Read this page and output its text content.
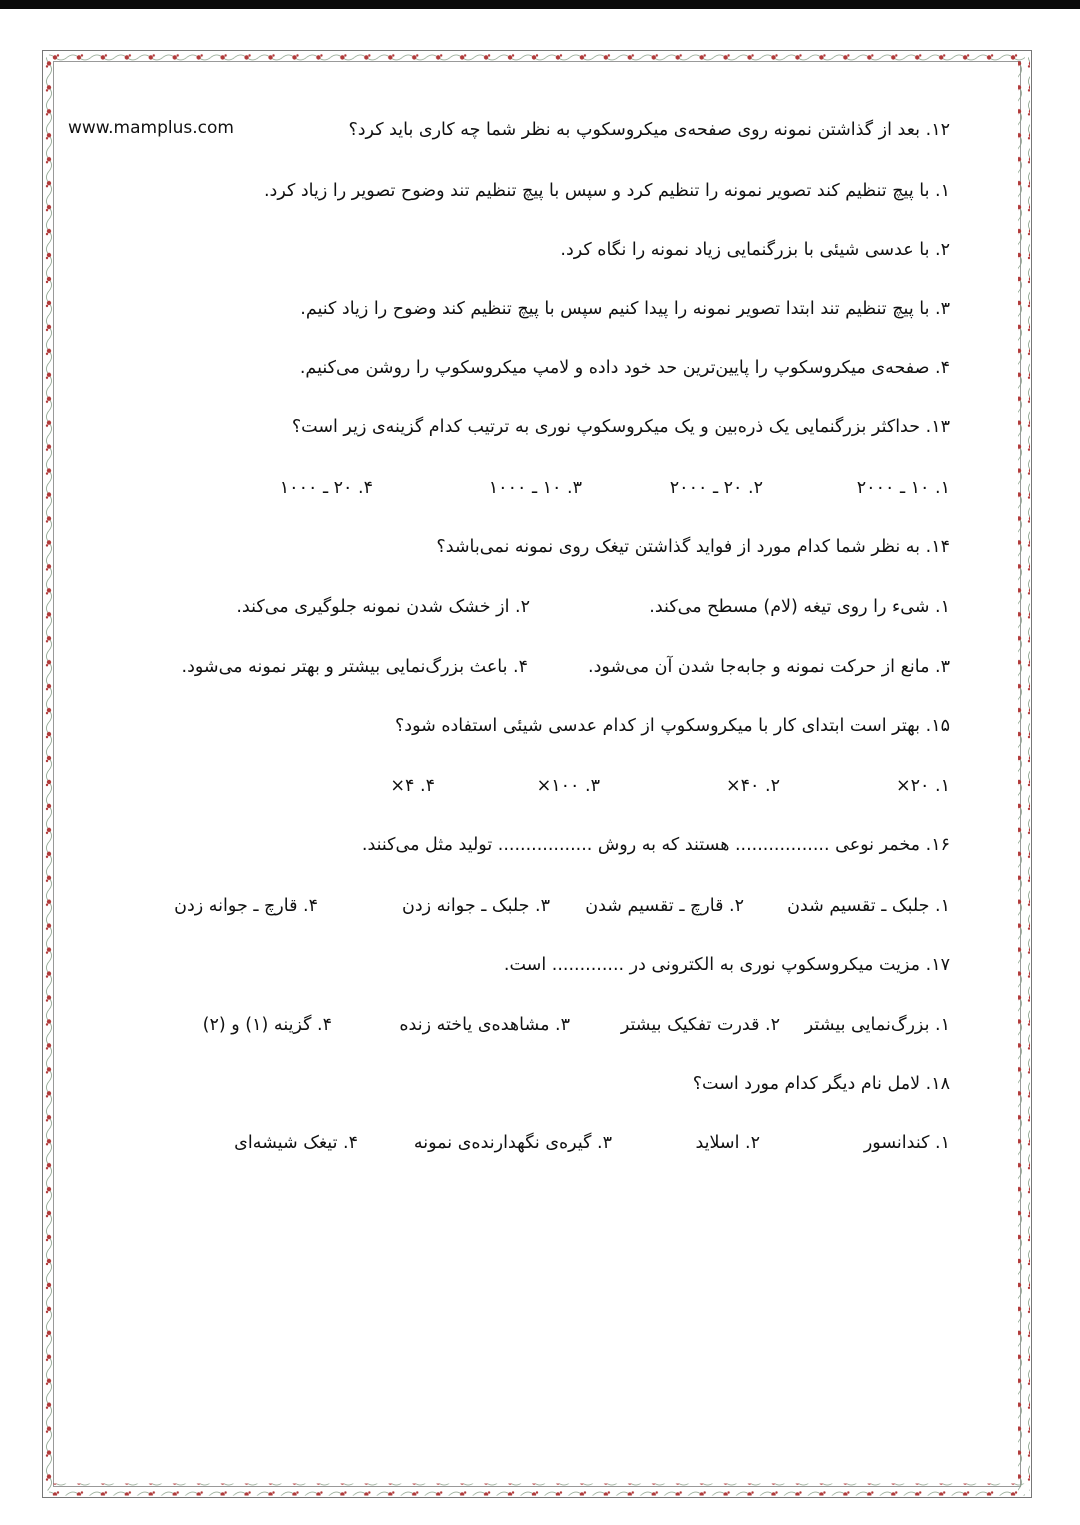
www.mamplus.com	۱۲. بعد از گذاشتن نمونه روی صفحه‌ی میکروسکوپ به نظر شما چه کاری باید کرد؟
۱. با پیچ تنظیم کند تصویر نمونه را تنظیم کرد و سپس با پیچ تنظیم تند وضوح تصویر را زیاد کرد.
۲. با عدسی شیئی با بزرگنمایی زیاد نمونه را نگاه کرد.
۳. با پیچ تنظیم تند ابتدا تصویر نمونه را پیدا کنیم سپس با پیچ تنظیم کند وضوح را زیاد کنیم.
۴. صفحه‌ی میکروسکوپ را پایین‌ترین حد خود داده و لامپ میکروسکوپ را روشن می‌کنیم.
۱۳. حداکثر بزرگنمایی یک ذره‌بین و یک میکروسکوپ نوری به ترتیب کدام گزینه‌ی زیر است؟
۱. ۱۰ ـ ۲۰۰۰
۲. ۲۰ ـ ۲۰۰۰
۳. ۱۰ ـ ۱۰۰۰
۴. ۲۰ ـ ۱۰۰۰
۱۴. به نظر شما کدام مورد از فواید گذاشتن تیغک روی نمونه نمی‌باشد؟
۱. شیء را روی تیغه (لام) مسطح می‌کند.
۲. از خشک شدن نمونه جلوگیری می‌کند.
۳. مانع از حرکت نمونه و جابه‌جا شدن آن می‌شود.
۴. باعث بزرگ‌نمایی بیشتر و بهتر نمونه می‌شود.
۱۵. بهتر است ابتدای کار با میکروسکوپ از کدام عدسی شیئی استفاده شود؟
۱. ۲۰×
۲. ۴۰×
۳. ۱۰۰×
۴. ۴×
۱۶. مخمر نوعی ................. هستند که به روش ................. تولید مثل می‌کنند.
۱. جلبک ـ تقسیم شدن
۲. قارچ ـ تقسیم شدن
۳. جلبک ـ جوانه زدن
۴. قارچ ـ جوانه زدن
۱۷. مزیت میکروسکوپ نوری به الکترونی در ............. است.
۱. بزرگ‌نمایی بیشتر
۲. قدرت تفکیک بیشتر
۳. مشاهده‌ی یاخته زنده
۴. گزینه (۱) و (۲)
۱۸. لامل نام دیگر کدام مورد است؟
۱. کندانسور
۲. اسلاید
۳. گیره‌ی نگهدارنده‌ی نمونه
۴. تیغک شیشه‌ای
